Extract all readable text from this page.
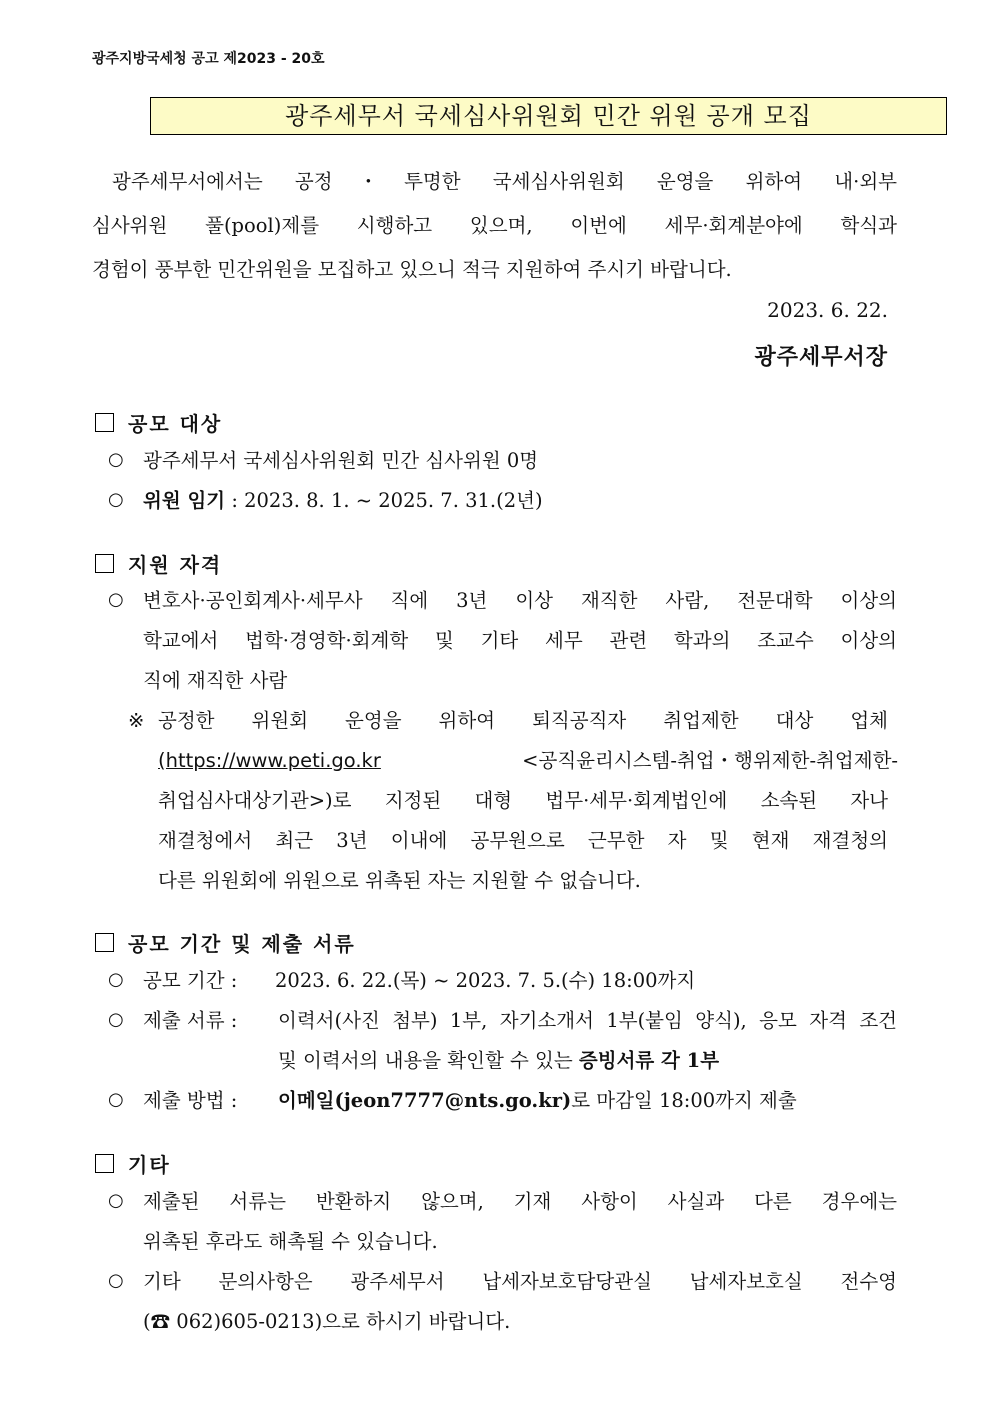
광주지방국세청 공고 제2023 - 20호
광주세무서 국세심사위원회 민간 위원 공개 모집
광주세무서에서는 공정・투명한 국세심사위원회 운영을 위하여 내·외부
심사위원 풀(pool)제를 시행하고 있으며, 이번에 세무·회계분야에 학식과
경험이 풍부한 민간위원을 모집하고 있으니 적극 지원하여 주시기 바랍니다.
2023. 6. 22.
광주세무서장
공모 대상
○ 광주세무서 국세심사위원회 민간 심사위원 0명
○ 위원 임기 : 2023. 8. 1. ~ 2025. 7. 31.(2년)
지원 자격
○ 변호사·공인회계사·세무사 직에 3년 이상 재직한 사람, 전문대학 이상의
학교에서 법학·경영학·회계학 및 기타 세무 관련 학과의 조교수 이상의
직에 재직한 사람
※ 공정한 위원회 운영을 위하여 퇴직공직자 취업제한 대상 업체
(https://www.peti.go.kr	<공직윤리시스템-취업・행위제한-취업제한-
취업심사대상기관>)로 지정된 대형 법무·세무·회계법인에 소속된 자나
재결청에서 최근 3년 이내에 공무원으로 근무한 자 및 현재 재결청의
다른 위원회에 위원으로 위촉된 자는 지원할 수 없습니다.
공모 기간 및 제출 서류
○ 공모 기간 : 2023. 6. 22.(목) ~ 2023. 7. 5.(수) 18:00까지
○ 제출 서류 : 이력서(사진 첨부) 1부, 자기소개서 1부(붙임 양식), 응모 자격 조건
및 이력서의 내용을 확인할 수 있는 증빙서류 각 1부
○ 제출 방법 : 이메일(jeon7777@nts.go.kr)로 마감일 18:00까지 제출
기타
○ 제출된 서류는 반환하지 않으며, 기재 사항이 사실과 다른 경우에는
위촉된 후라도 해촉될 수 있습니다.
○ 기타 문의사항은 광주세무서 납세자보호담당관실 납세자보호실 전수영
(☎ 062)605-0213)으로 하시기 바랍니다.
